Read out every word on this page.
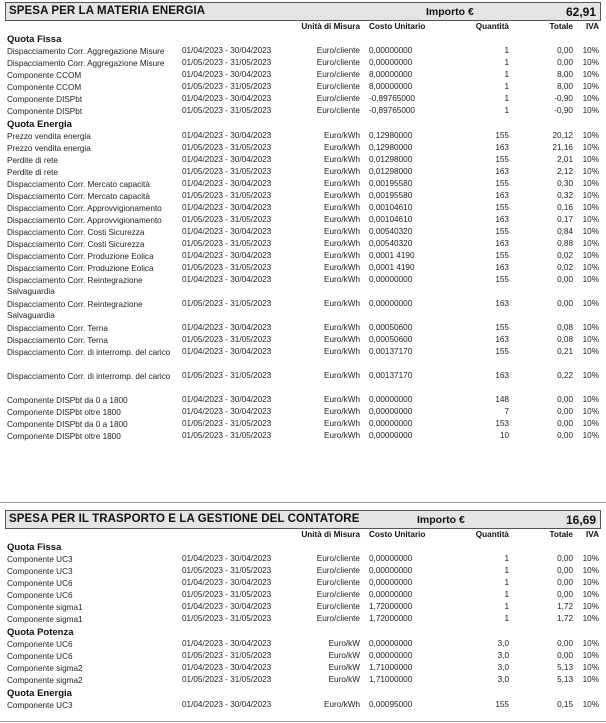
SPESA PER LA MATERIA ENERGIA	Importo €	62,91
Unità di Misura Costo Unitario	Quantità	Totale	IVA
Quota Fissa
Dispacciamento Corr. Aggregazione Misure	01/04/2023 - 30/04/2023	Euro/cliente 0,00000000	1	0,00	10%
Dispacciamento Corr. Aggregazione Misure	01/05/2023 - 31/05/2023	Euro/cliente 0,00000000	1	0,00	10%
Componente CCOM	01/04/2023 - 30/04/2023	Euro/cliente 8,00000000	1	8,00	10%
Componente CCOM	01/05/2023 - 31/05/2023	Euro/cliente 8,00000000	1	8,00	10%
Componente DISPbt	01/04/2023 - 30/04/2023	Euro/cliente -0,89765000	1	-0,90	10%
Componente DISPbt	01/05/2023 - 31/05/2023	Euro/cliente -0,89765000	1	-0,90	10%
Quota Energia
Prezzo vendita energia	01/04/2023 - 30/04/2023	Euro/kWh 0,12980000	155	20,12	10%
Prezzo vendita energia	01/05/2023 - 31/05/2023	Euro/kWh 0,12980000	163	21,16	10%
Perdite di rete	01/04/2023 - 30/04/2023	Euro/kWh 0,01298000	155	2,01	10%
Perdite di rete	01/05/2023 - 31/05/2023	Euro/kWh 0,01298000	163	2,12	10%
Dispacciamento Corr. Mercato capacità	01/04/2023 - 30/04/2023	Euro/kWh 0,00195580	155	0,30	10%
Dispacciamento Corr. Mercato capacità	01/05/2023 - 31/05/2023	Euro/kWh 0,00195580	163	0,32	10%
Dispacciamento Corr. Approvvigionamento	01/04/2023 - 30/04/2023	Euro/kWh 0,00104610	155	0,16	10%
Dispacciamento Corr. Approvvigionamento	01/05/2023 - 31/05/2023	Euro/kWh 0,00104610	163	0,17	10%
Dispacciamento Corr. Costi Sicurezza	01/04/2023 - 30/04/2023	Euro/kWh 0,00540320	155	0,84	10%
Dispacciamento Corr. Costi Sicurezza	01/05/2023 - 31/05/2023	Euro/kWh 0,00540320	163	0,88	10%
Dispacciamento Corr. Produzione Eolica	01/04/2023 - 30/04/2023	Euro/kWh 0,0001 4190	155	0,02	10%
Dispacciamento Corr. Produzione Eolica	01/05/2023 - 31/05/2023	Euro/kWh 0,0001 4190	163	0,02	10%
Dispacciamento Corr. Reintegrazione Salvaguardia
01/04/2023 - 30/04/2023	Euro/kWh 0,00000000	155	0,00	10%
Dispacciamento Corr. Reintegrazione Salvaguardia
01/05/2023 - 31/05/2023	Euro/kWh 0,00000000	163	0,00	10%
Dispacciamento Corr. Terna	01/04/2023 - 30/04/2023	Euro/kWh 0,00050600	155	0,08	10%
Dispacciamento Corr. Terna	01/05/2023 - 31/05/2023	Euro/kWh 0,00050600	163	0,08	10%
Dispacciamento Corr. di interromp. del carico 01/04/2023 - 30/04/2023	Euro/kWh 0,00137170	155	0,21	10%
Dispacciamento Corr. di interromp. del carico 01/05/2023 - 31/05/2023	Euro/kWh 0,00137170	163	0,22	10%
Componente DISPbt da 0 a 1800	01/04/2023 - 30/04/2023	Euro/kWh 0,00000000	148	0,00	10%
Componente DISPbt oltre 1800	01/04/2023 - 30/04/2023	Euro/kWh 0,00000000	7	0,00	10%
Componente DISPbt da 0 a 1800	01/05/2023 - 31/05/2023	Euro/kWh 0,00000000	153	0,00	10%
Componente DISPbt oltre 1800	01/05/2023 - 31/05/2023	Euro/kWh 0,00000000	10	0,00	10%
SPESA PER IL TRASPORTO E LA GESTIONE DEL CONTATORE	Importo €	16,69
Unità di Misura Costo Unitario	Quantità	Totale	IVA
Quota Fissa
Componente UC3	01/04/2023 - 30/04/2023	Euro/cliente 0,00000000	1	0,00	10%
Componente UC3	01/05/2023 - 31/05/2023	Euro/cliente 0,00000000	1	0,00	10%
Componente UC6	01/04/2023 - 30/04/2023	Euro/cliente 0,00000000	1	0,00	10%
Componente UC6	01/05/2023 - 31/05/2023	Euro/cliente 0,00000000	1	0,00	10%
Componente sigma1	01/04/2023 - 30/04/2023	Euro/cliente 1,72000000	1	1,72	10%
Componente sigma1	01/05/2023 - 31/05/2023	Euro/cliente 1,72000000	1	1,72	10%
Quota Potenza
Componente UC6	01/04/2023 - 30/04/2023	Euro/kW 0,00000000	3,0	0,00	10%
Componente UC6	01/05/2023 - 31/05/2023	Euro/kW 0,00000000	3,0	0,00	10%
Componente sigma2	01/04/2023 - 30/04/2023	Euro/kW 1,71000000	3,0	5,13	10%
Componente sigma2	01/05/2023 - 31/05/2023	Euro/kW 1,71000000	3,0	5,13	10%
Quota Energia
Componente UC3	01/04/2023 - 30/04/2023	Euro/kWh 0,00095000	155	0,15	10%
